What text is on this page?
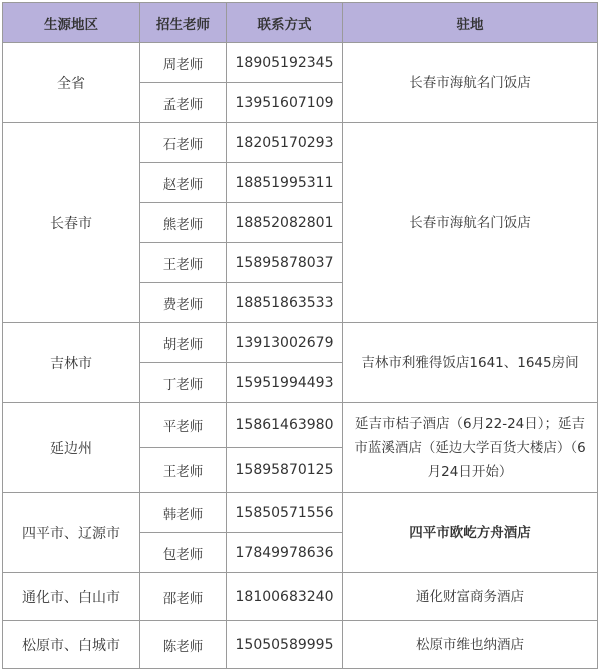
生源地区	招生老师	联系方式	驻地
全省	周老师	18905192345	长春市海航名门饭店
	孟老师	13951607109	
长春市	石老师	18205170293	长春市海航名门饭店
	赵老师	18851995311	
	熊老师	18852082801	
	王老师	15895878037	
	费老师	18851863533	
吉林市	胡老师	13913002679	吉林市利雅得饭店1641、1645房间
	丁老师	15951994493	
延边州	平老师	15861463980	延吉市桔子酒店（6月22-24日）；延吉市蓝溪酒店（延边大学百货大楼店）（6月24日开始）
	王老师	15895870125	
四平市、辽源市	韩老师	15850571556	四平市欧屹方舟酒店
	包老师	17849978636	
通化市、白山市	邵老师	18100683240	通化财富商务酒店
松原市、白城市	陈老师	15050589995	松原市维也纳酒店
